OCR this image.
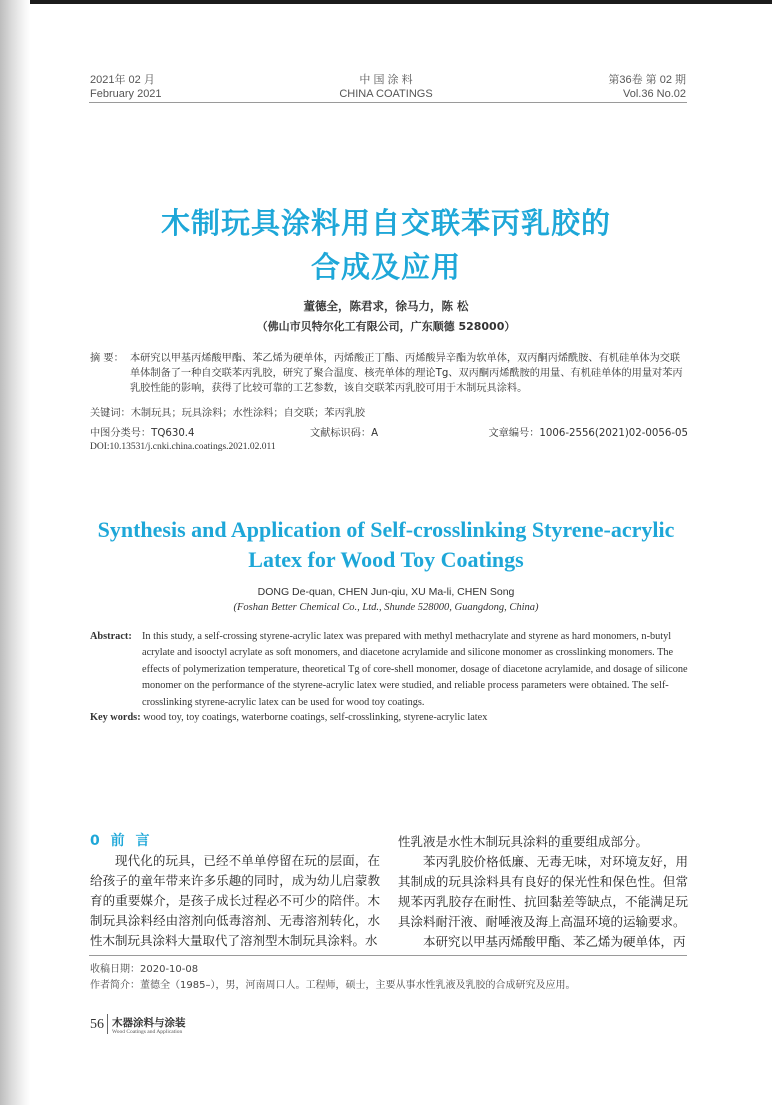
2021年 02 月
February 2021
中 国 涂 料
CHINA COATINGS
第36卷 第 02 期
Vol.36 No.02
木制玩具涂料用自交联苯丙乳胶的
合成及应用
董德全，陈君求，徐马力，陈 松
（佛山市贝特尔化工有限公司，广东顺德 528000）
摘 要： 本研究以甲基丙烯酸甲酯、苯乙烯为硬单体，丙烯酸正丁酯、丙烯酸异辛酯为软单体，双丙酮丙烯酰胺、有机硅单体为交联单体制备了一种自交联苯丙乳胶，研究了聚合温度、核壳单体的理论Tg、双丙酮丙烯酰胺的用量、有机硅单体的用量对苯丙乳胶性能的影响，获得了比较可靠的工艺参数，该自交联苯丙乳胶可用于木制玩具涂料。
关键词：木制玩具；玩具涂料；水性涂料；自交联；苯丙乳胶
中图分类号：TQ630.4	文献标识码：A	文章编号：1006-2556(2021)02-0056-05
DOI:10.13531/j.cnki.china.coatings.2021.02.011
Synthesis and Application of Self-crosslinking Styrene-acrylic
Latex for Wood Toy Coatings
DONG De-quan, CHEN Jun-qiu, XU Ma-li, CHEN Song
(Foshan Better Chemical Co., Ltd., Shunde 528000, Guangdong, China)
Abstract: In this study, a self-crossing styrene-acrylic latex was prepared with methyl methacrylate and styrene as hard monomers, n-butyl acrylate and isooctyl acrylate as soft monomers, and diacetone acrylamide and silicone monomer as crosslinking monomers. The effects of polymerization temperature, theoretical Tg of core-shell monomer, dosage of diacetone acrylamide, and dosage of silicone monomer on the performance of the styrene-acrylic latex were studied, and reliable process parameters were obtained. The self-crosslinking styrene-acrylic latex can be used for wood toy coatings.
Key words: wood toy, toy coatings, waterborne coatings, self-crosslinking, styrene-acrylic latex
0 前 言

现代化的玩具，已经不单单停留在玩的层面，在给孩子的童年带来许多乐趣的同时，成为幼儿启蒙教育的重要媒介，是孩子成长过程必不可少的陪伴。木制玩具涂料经由溶剂向低毒溶剂、无毒溶剂转化，水性木制玩具涂料大量取代了溶剂型木制玩具涂料。水

性乳液是水性木制玩具涂料的重要组成部分。

苯丙乳胶价格低廉、无毒无味，对环境友好，用其制成的玩具涂料具有良好的保光性和保色性。但常规苯丙乳胶存在耐性、抗回黏差等缺点，不能满足玩具涂料耐汗液、耐唾液及海上高温环境的运输要求。

本研究以甲基丙烯酸甲酯、苯乙烯为硬单体，丙

收稿日期：2020-10-08
作者简介：董德全（1985–），男，河南周口人。工程师，硕士，主要从事水性乳液及乳胶的合成研究及应用。
56 木器涂料与涂装
Wood Coatings and Application
